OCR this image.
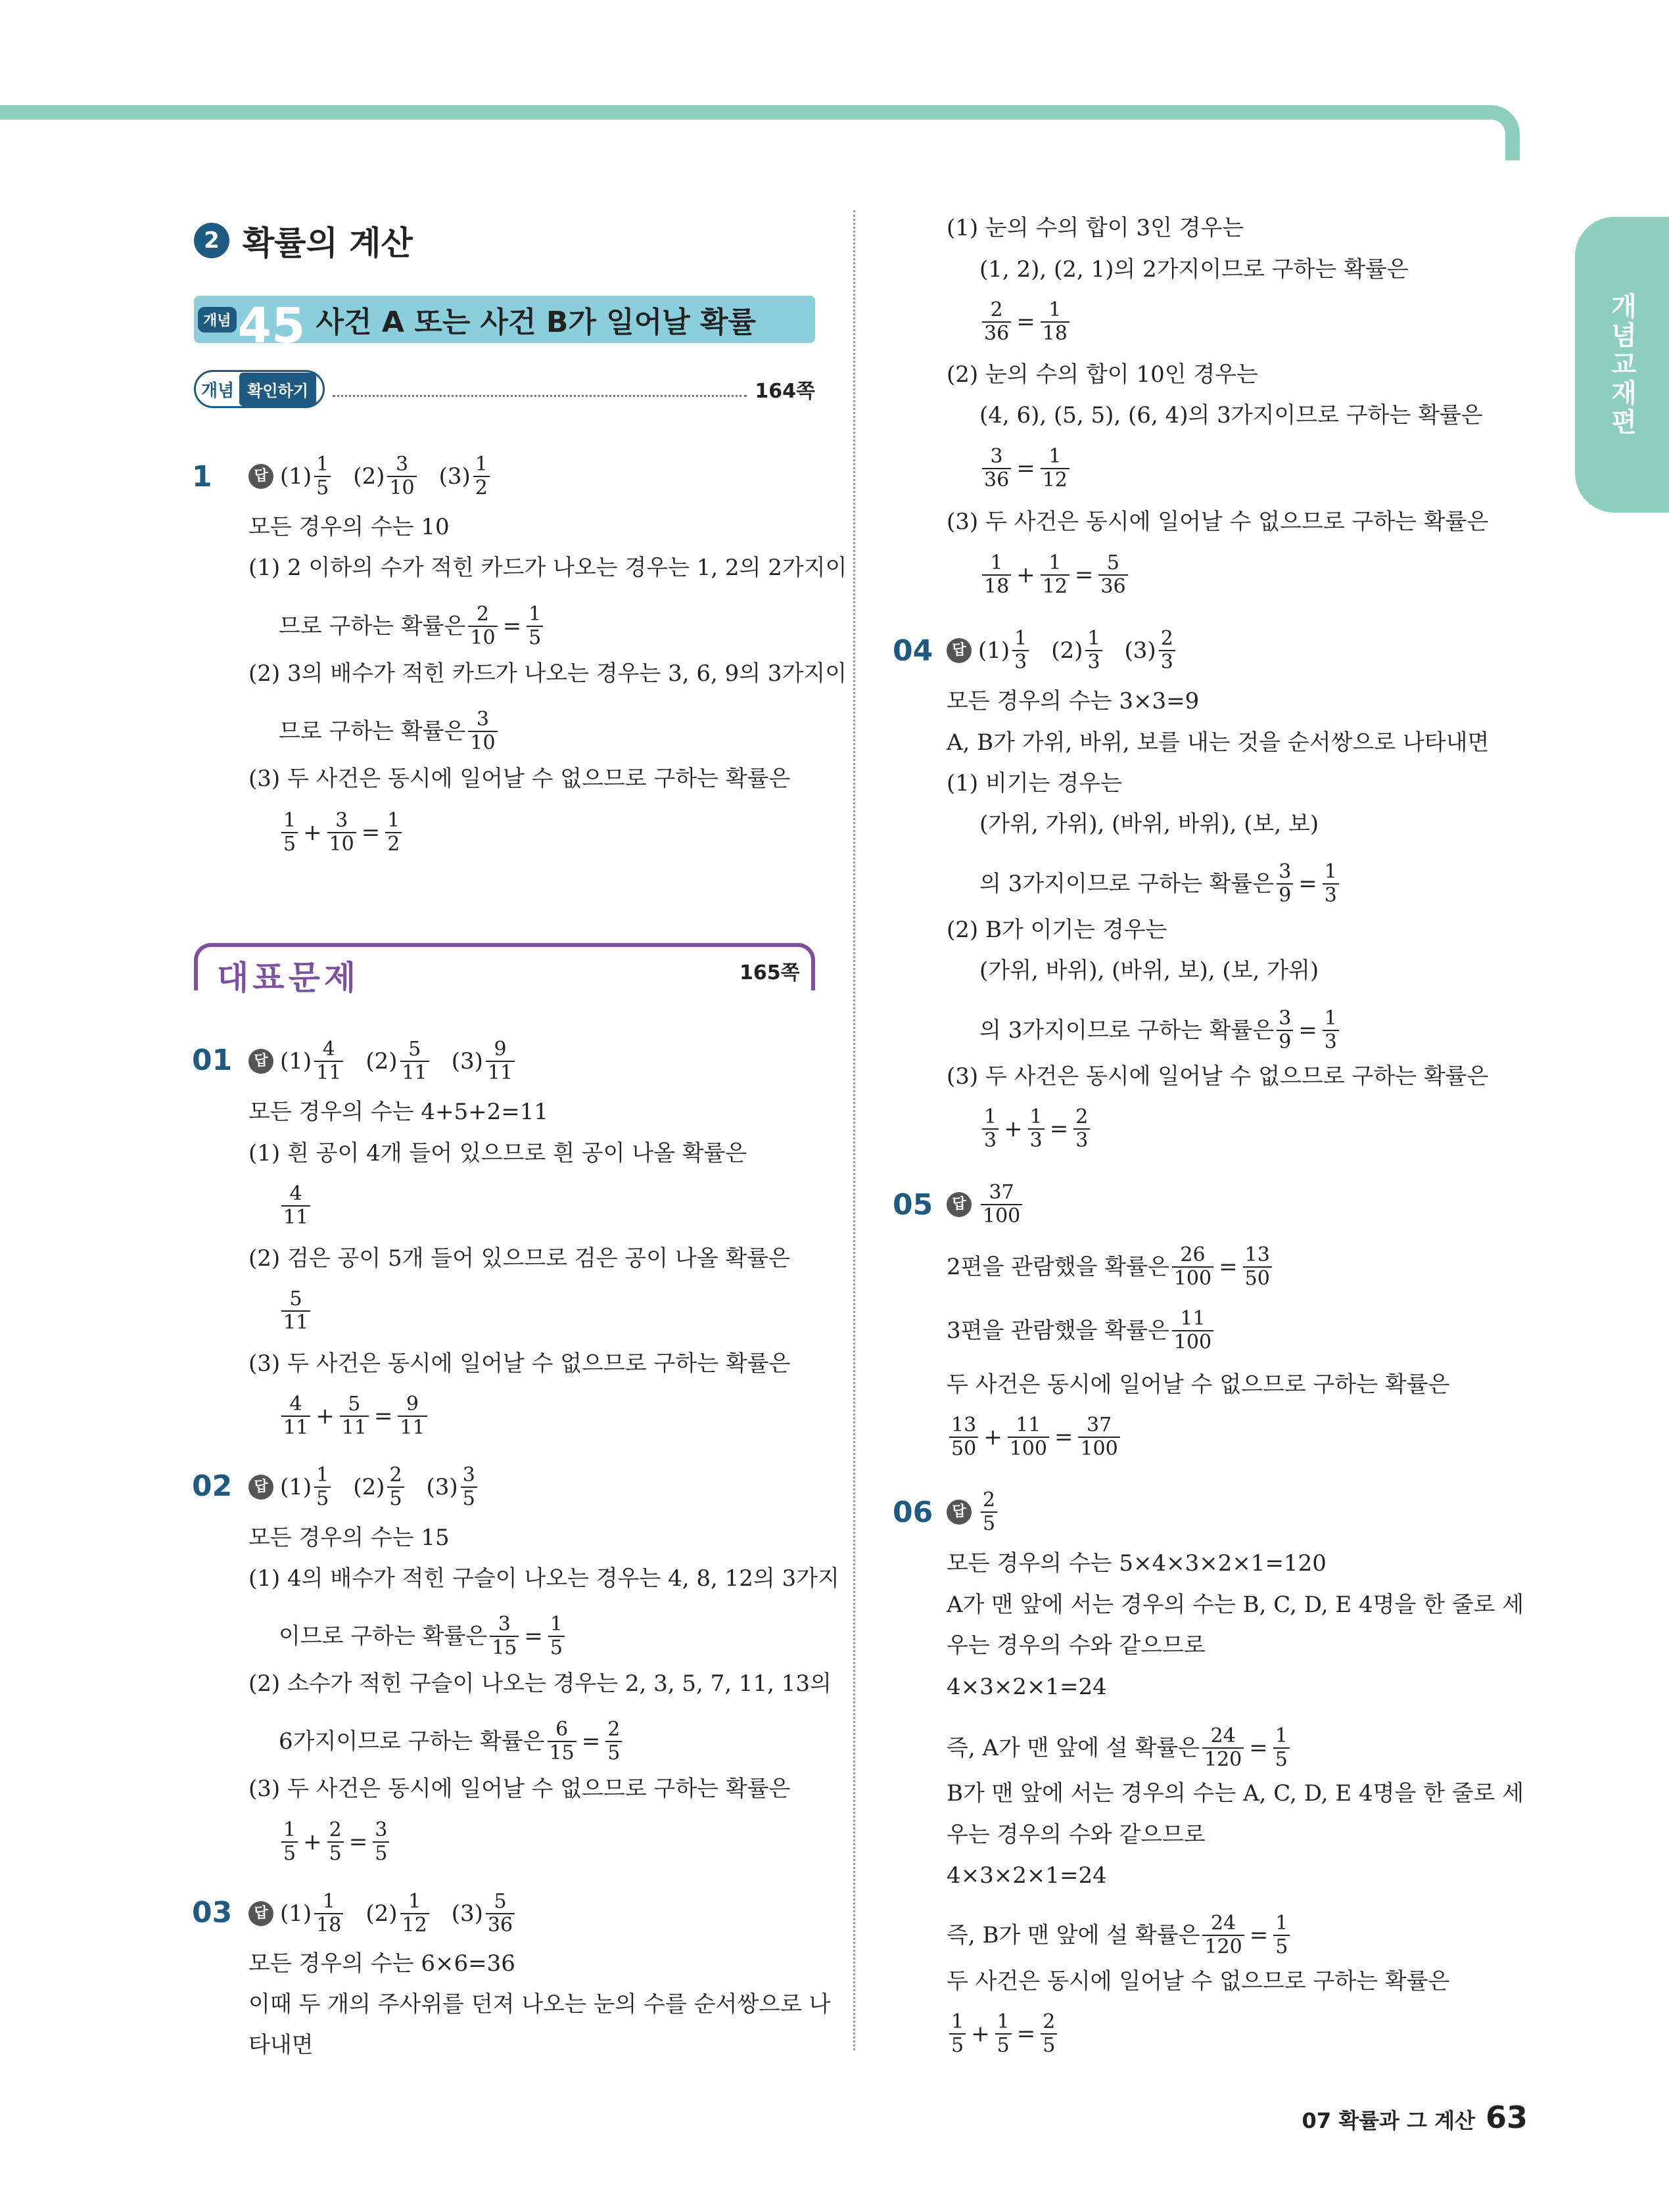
개념교재편
2 확률의 계산
개념 45 사건 A 또는 사건 B가 일어날 확률
개념 확인하기	164쪽
1	답 $(1) \frac{1}{5} (2) \frac{3}{10} (3) \frac{1}{2}$
모든 경우의 수는 10
(1) 2 이하의 수가 적힌 카드가 나오는 경우는 1, 2의 2가지이
므로 구하는 확률은 $\frac{2}{10} = \frac{1}{5}$
(2) 3의 배수가 적힌 카드가 나오는 경우는 3, 6, 9의 3가지이
므로 구하는 확률은 $\frac{3}{10}$
(3) 두 사건은 동시에 일어날 수 없으므로 구하는 확률은
$\frac{1}{5} + \frac{3}{10} = \frac{1}{2}$
대표문제	165쪽
01	답 $(1) \frac{4}{11} (2) \frac{5}{11} (3) \frac{9}{11}$
모든 경우의 수는 4+5+2=11
(1) 흰 공이 4개 들어 있으므로 흰 공이 나올 확률은
$\frac{4}{11}$
(2) 검은 공이 5개 들어 있으므로 검은 공이 나올 확률은
$\frac{5}{11}$
(3) 두 사건은 동시에 일어날 수 없으므로 구하는 확률은
$\frac{4}{11} + \frac{5}{11} = \frac{9}{11}$
02	답 $(1) \frac{1}{5} (2) \frac{2}{5} (3) \frac{3}{5}$
모든 경우의 수는 15
(1) 4의 배수가 적힌 구슬이 나오는 경우는 4, 8, 12의 3가지
이므로 구하는 확률은 $\frac{3}{15} = \frac{1}{5}$
(2) 소수가 적힌 구슬이 나오는 경우는 2, 3, 5, 7, 11, 13의
6가지이므로 구하는 확률은 $\frac{6}{15} = \frac{2}{5}$
(3) 두 사건은 동시에 일어날 수 없으므로 구하는 확률은
$\frac{1}{5} + \frac{2}{5} = \frac{3}{5}$
03	답 $(1) \frac{1}{18} (2) \frac{1}{12} (3) \frac{5}{36}$
모든 경우의 수는 6×6=36
이때 두 개의 주사위를 던져 나오는 눈의 수를 순서쌍으로 나
타내면
(1) 눈의 수의 합이 3인 경우는
(1, 2), (2, 1)의 2가지이므로 구하는 확률은
$\frac{2}{36} = \frac{1}{18}$
(2) 눈의 수의 합이 10인 경우는
(4, 6), (5, 5), (6, 4)의 3가지이므로 구하는 확률은
$\frac{3}{36} = \frac{1}{12}$
(3) 두 사건은 동시에 일어날 수 없으므로 구하는 확률은
$\frac{1}{18} + \frac{1}{12} = \frac{5}{36}$
04	답 $(1) \frac{1}{3} (2) \frac{1}{3} (3) \frac{2}{3}$
모든 경우의 수는 3×3=9
A, B가 가위, 바위, 보를 내는 것을 순서쌍으로 나타내면
(1) 비기는 경우는
(가위, 가위), (바위, 바위), (보, 보)
의 3가지이므로 구하는 확률은 $\frac{3}{9} = \frac{1}{3}$
(2) B가 이기는 경우는
(가위, 바위), (바위, 보), (보, 가위)
의 3가지이므로 구하는 확률은 $\frac{3}{9} = \frac{1}{3}$
(3) 두 사건은 동시에 일어날 수 없으므로 구하는 확률은
$\frac{1}{3} + \frac{1}{3} = \frac{2}{3}$
05	답 $\frac{37}{100}$
2편을 관람했을 확률은 $\frac{26}{100} = \frac{13}{50}$
3편을 관람했을 확률은 $\frac{11}{100}$
두 사건은 동시에 일어날 수 없으므로 구하는 확률은
$\frac{13}{50} + \frac{11}{100} = \frac{37}{100}$
06	답 $\frac{2}{5}$
모든 경우의 수는 5×4×3×2×1=120
A가 맨 앞에 서는 경우의 수는 B, C, D, E 4명을 한 줄로 세
우는 경우의 수와 같으므로
4×3×2×1=24
즉, A가 맨 앞에 설 확률은 $\frac{24}{120} = \frac{1}{5}$
B가 맨 앞에 서는 경우의 수는 A, C, D, E 4명을 한 줄로 세
우는 경우의 수와 같으므로
4×3×2×1=24
즉, B가 맨 앞에 설 확률은 $\frac{24}{120} = \frac{1}{5}$
두 사건은 동시에 일어날 수 없으므로 구하는 확률은
$\frac{1}{5} + \frac{1}{5} = \frac{2}{5}$
07 확률과 그 계산 63
